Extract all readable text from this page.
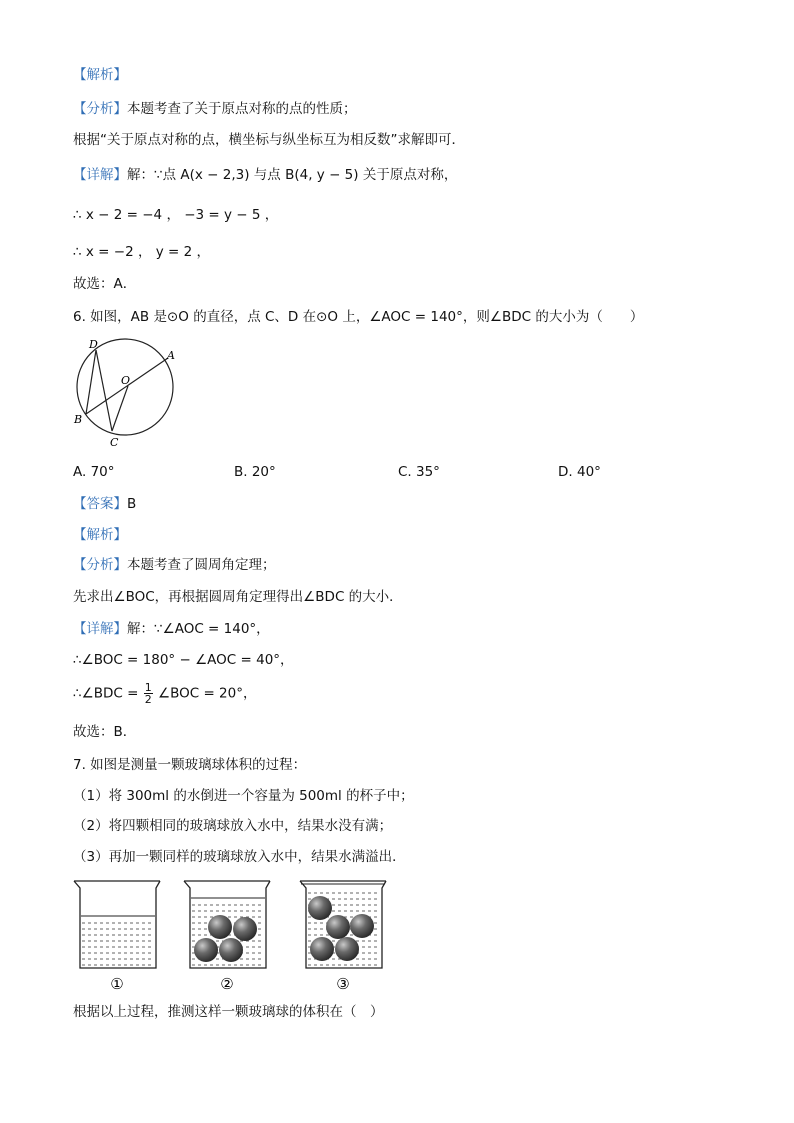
【解析】
【分析】本题考查了关于原点对称的点的性质；
根据“关于原点对称的点，横坐标与纵坐标互为相反数”求解即可．
【详解】解：∵点 A(x − 2,3) 与点 B(4, y − 5) 关于原点对称，
∴ x − 2 = −4 ， −3 = y − 5 ，
∴ x = −2 ， y = 2 ，
故选：A．
6. 如图，AB 是⊙O 的直径，点 C、D 在⊙O 上，∠AOC = 140°，则∠BDC 的大小为（　　）
D
A
O
B
C
A. 70°	B. 20°	C. 35°	D. 40°
【答案】B
【解析】
【分析】本题考查了圆周角定理；
先求出∠BOC，再根据圆周角定理得出∠BDC 的大小．
【详解】解：∵∠AOC = 140°，
∴∠BOC = 180° − ∠AOC = 40°，
∴∠BDC = $\frac{1}{2}$ ∠BOC = 20°，
故选：B．
7. 如图是测量一颗玻璃球体积的过程：
（1）将 300ml 的水倒进一个容量为 500ml 的杯子中；
（2）将四颗相同的玻璃球放入水中，结果水没有满；
（3）再加一颗同样的玻璃球放入水中，结果水满溢出．
①	②	③
根据以上过程，推测这样一颗玻璃球的体积在（　）
